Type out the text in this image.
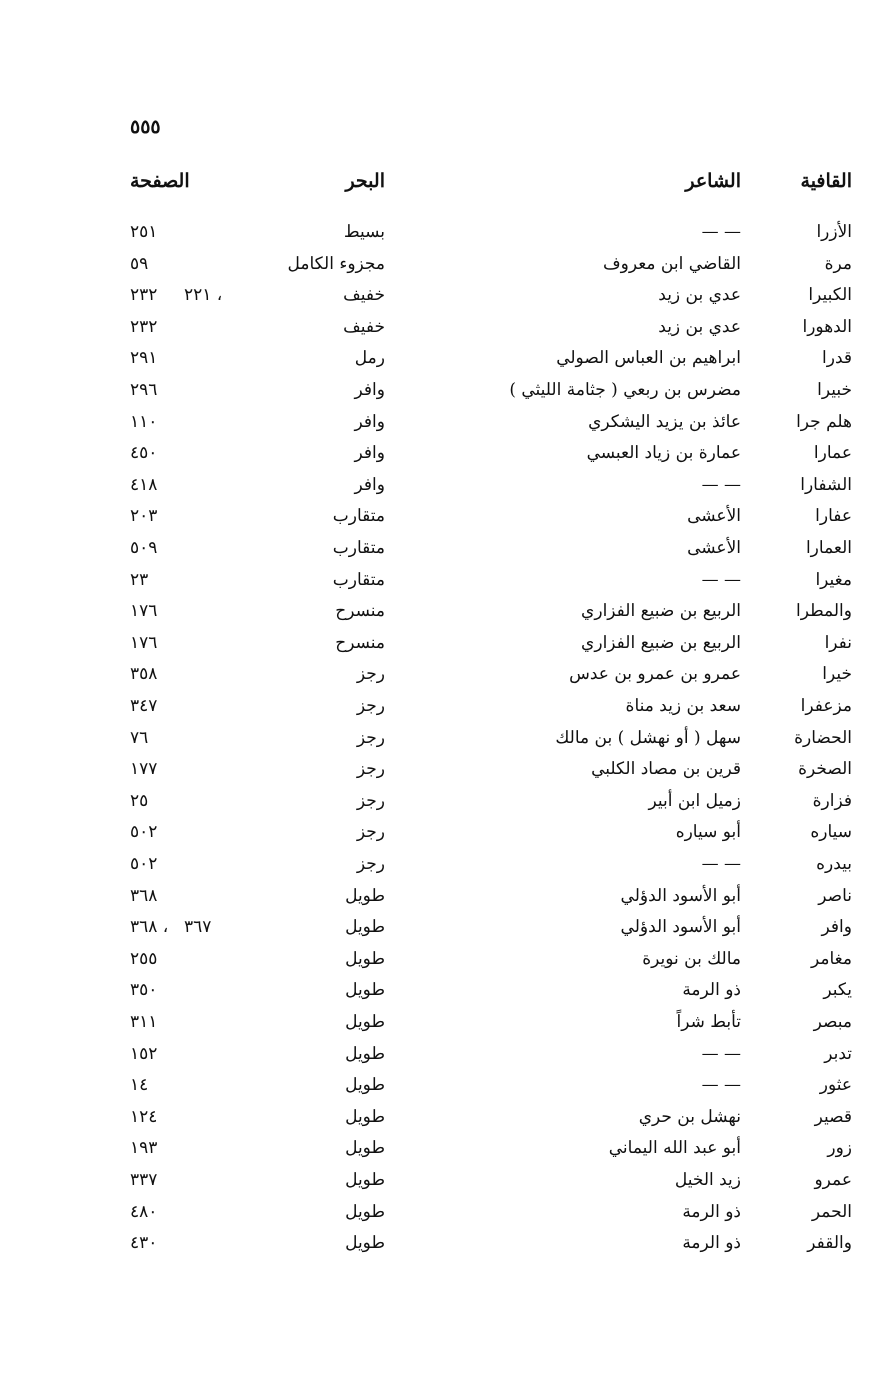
٥٥٥
القافية
الشاعر
البحر
الصفحة
الأزرا
— —
بسيط
٢٥١
مرة
القاضي ابن معروف
مجزوء الكامل
٥٩
الكبيرا
عدي بن زيد
خفيف
٢٣٢ ٢٢١ ،
الدهورا
عدي بن زيد
خفيف
٢٣٢
قدرا
ابراهيم بن العباس الصولي
رمل
٢٩١
خبيرا
مضرس بن ربعي ( جثامة الليثي )
وافر
٢٩٦
هلم جرا
عائذ بن يزيد اليشكري
وافر
١١٠
عمارا
عمارة بن زياد العبسي
وافر
٤٥٠
الشفارا
— —
وافر
٤١٨
عفارا
الأعشى
متقارب
٢٠٣
العمارا
الأعشى
متقارب
٥٠٩
مغيرا
— —
متقارب
٢٣
والمطرا
الربيع بن ضبيع الفزاري
منسرح
١٧٦
نفرا
الربيع بن ضبيع الفزاري
منسرح
١٧٦
خيرا
عمرو بن عمرو بن عدس
رجز
٣٥٨
مزعفرا
سعد بن زيد مناة
رجز
٣٤٧
الحضارة
سهل ( أو نهشل ) بن مالك
رجز
٧٦
الصخرة
قرين بن مصاد الكلبي
رجز
١٧٧
فزارة
زميل ابن أبير
رجز
٢٥
سياره
أبو سياره
رجز
٥٠٢
بيدره
— —
رجز
٥٠٢
ناصر
أبو الأسود الدؤلي
طويل
٣٦٨
وافر
أبو الأسود الدؤلي
طويل
٣٦٨ ، ٣٦٧
مغامر
مالك بن نويرة
طويل
٢٥٥
يكبر
ذو الرمة
طويل
٣٥٠
مبصر
تأبط شراً
طويل
٣١١
تدبر
— —
طويل
١٥٢
عثور
— —
طويل
١٤
قصير
نهشل بن حري
طويل
١٢٤
زور
أبو عبد الله اليماني
طويل
١٩٣
عمرو
زيد الخيل
طويل
٣٣٧
الحمر
ذو الرمة
طويل
٤٨٠
والقفر
ذو الرمة
طويل
٤٣٠
